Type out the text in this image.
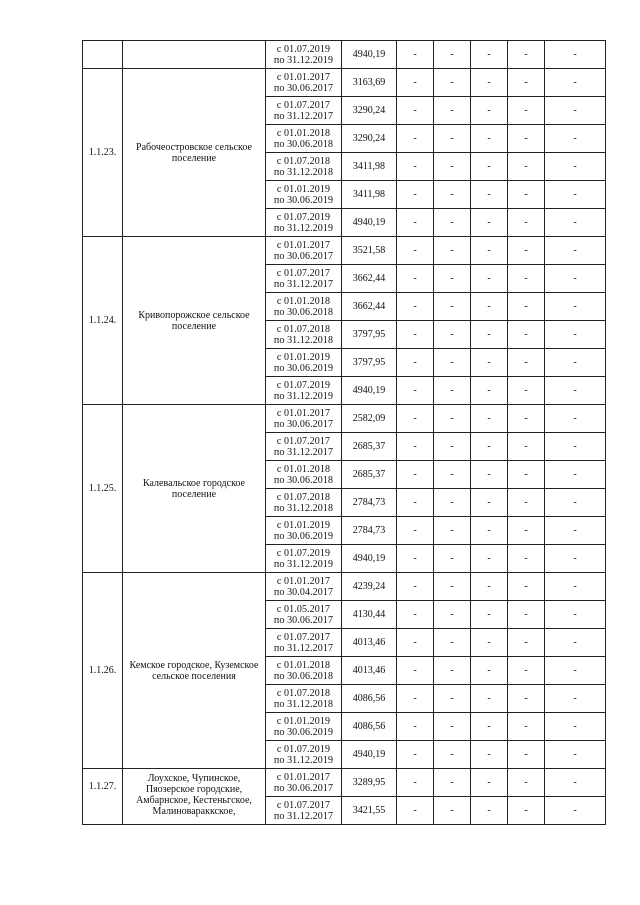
		с 01.07.2019
по 31.12.2019	4940,19	-	-	-	-	-
1.1.23.	Рабочеостровское сельское поселение	с 01.01.2017
по 30.06.2017	3163,69	-	-	-	-	-
		с 01.07.2017
по 31.12.2017	3290,24	-	-	-	-	-
		с 01.01.2018
по 30.06.2018	3290,24	-	-	-	-	-
		с 01.07.2018
по 31.12.2018	3411,98	-	-	-	-	-
		с 01.01.2019
по 30.06.2019	3411,98	-	-	-	-	-
		с 01.07.2019
по 31.12.2019	4940,19	-	-	-	-	-
1.1.24.	Кривопорожское сельское поселение	с 01.01.2017
по 30.06.2017	3521,58	-	-	-	-	-
		с 01.07.2017
по 31.12.2017	3662,44	-	-	-	-	-
		с 01.01.2018
по 30.06.2018	3662,44	-	-	-	-	-
		с 01.07.2018
по 31.12.2018	3797,95	-	-	-	-	-
		с 01.01.2019
по 30.06.2019	3797,95	-	-	-	-	-
		с 01.07.2019
по 31.12.2019	4940,19	-	-	-	-	-
1.1.25.	Калевальское городское поселение	с 01.01.2017
по 30.06.2017	2582,09	-	-	-	-	-
		с 01.07.2017
по 31.12.2017	2685,37	-	-	-	-	-
		с 01.01.2018
по 30.06.2018	2685,37	-	-	-	-	-
		с 01.07.2018
по 31.12.2018	2784,73	-	-	-	-	-
		с 01.01.2019
по 30.06.2019	2784,73	-	-	-	-	-
		с 01.07.2019
по 31.12.2019	4940,19	-	-	-	-	-
1.1.26.	Кемское городское, Куземское сельское поселения	с 01.01.2017
по 30.04.2017	4239,24	-	-	-	-	-
		с 01.05.2017
по 30.06.2017	4130,44	-	-	-	-	-
		с 01.07.2017
по 31.12.2017	4013,46	-	-	-	-	-
		с 01.01.2018
по 30.06.2018	4013,46	-	-	-	-	-
		с 01.07.2018
по 31.12.2018	4086,56	-	-	-	-	-
		с 01.01.2019
по 30.06.2019	4086,56	-	-	-	-	-
		с 01.07.2019
по 31.12.2019	4940,19	-	-	-	-	-
1.1.27.	Лоухское, Чупинское, Пяозерское городские, Амбарнское, Кестеньгское, Малиновараккское,	с 01.01.2017
по 30.06.2017	3289,95	-	-	-	-	-
		с 01.07.2017
по 31.12.2017	3421,55	-	-	-	-	-
